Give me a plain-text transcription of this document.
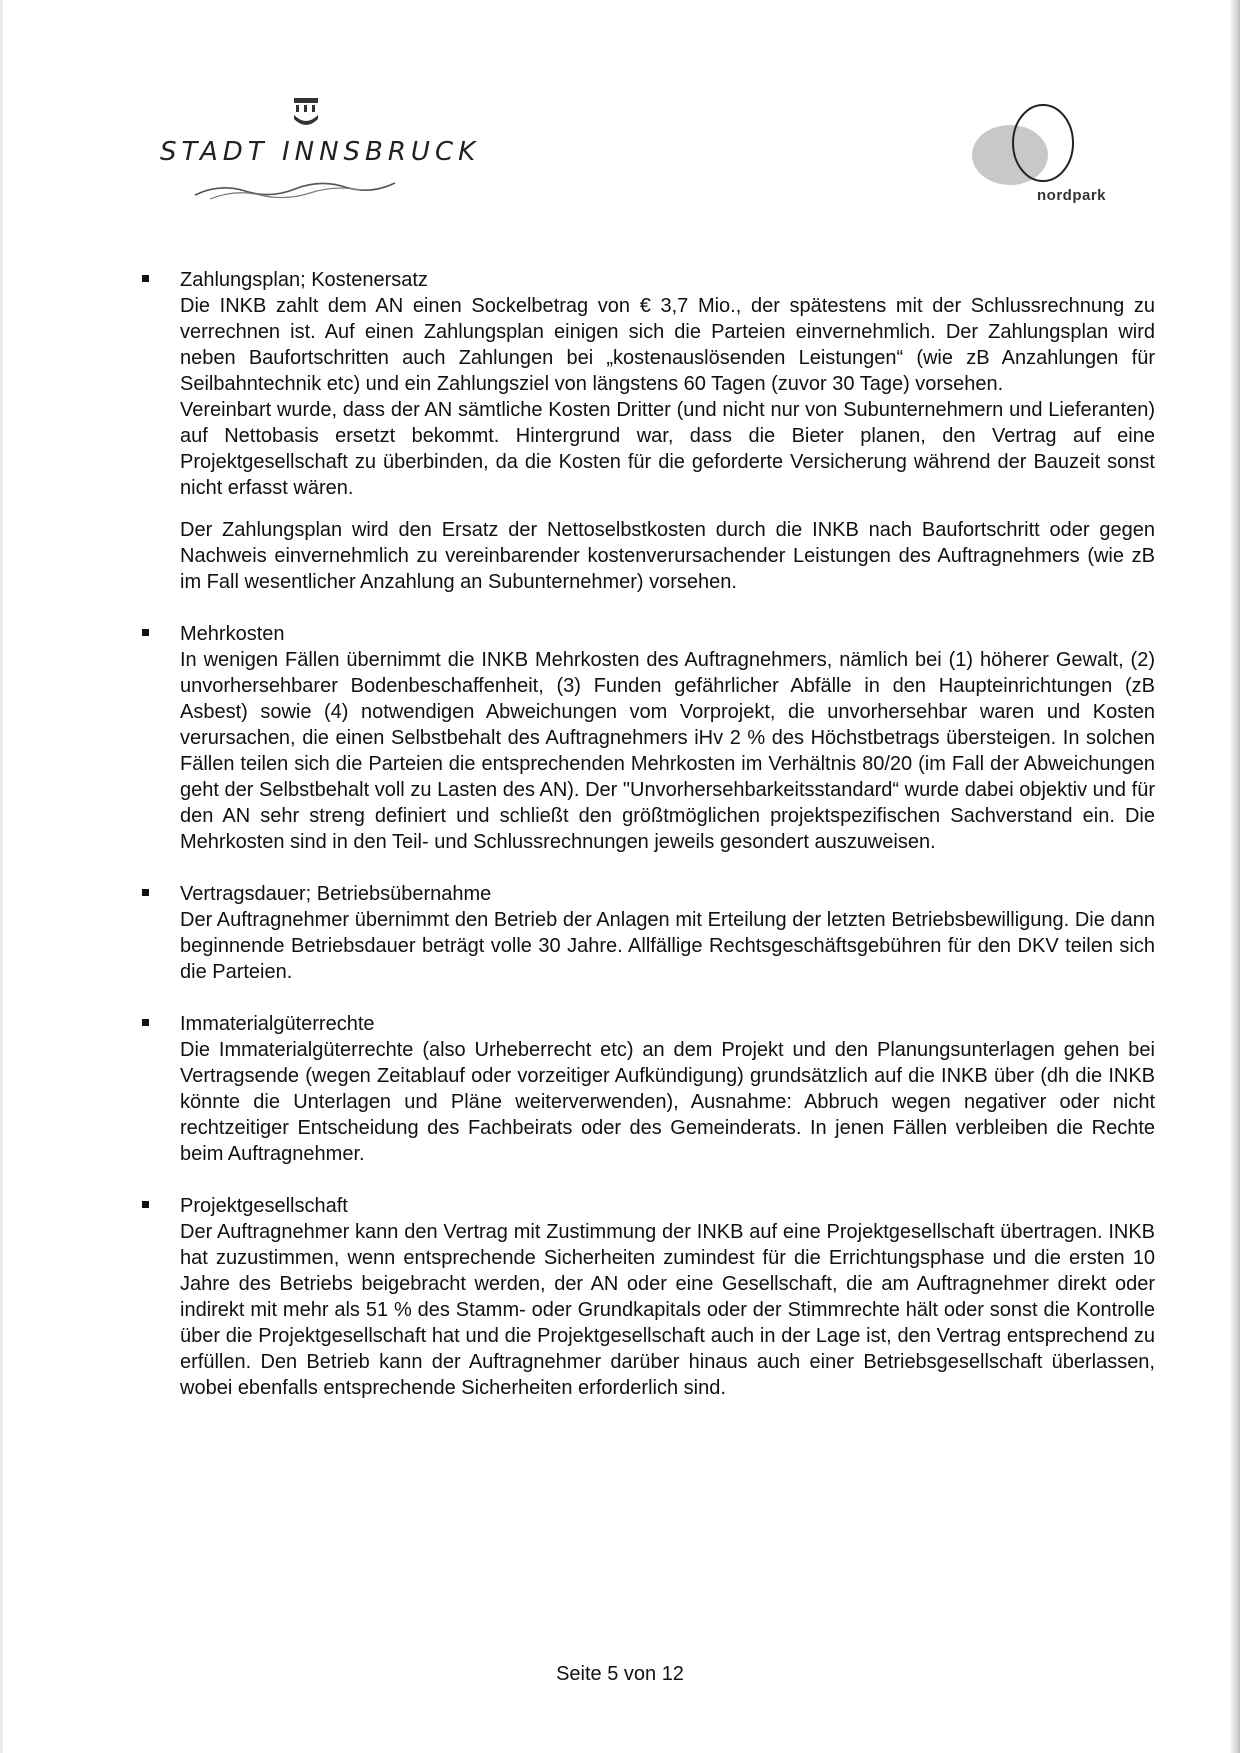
STADT INNSBRUCK
nordpark
Zahlungsplan; Kostenersatz
Die INKB zahlt dem AN einen Sockelbetrag von € 3,7 Mio., der spätestens mit der Schlussrechnung zu verrechnen ist. Auf einen Zahlungsplan einigen sich die Parteien einvernehmlich. Der Zahlungsplan wird neben Baufortschritten auch Zahlungen bei „kostenauslösenden Leistungen“ (wie zB Anzahlungen für Seilbahntechnik etc) und ein Zahlungsziel von längstens 60 Tagen (zuvor 30 Tage) vorsehen.
Vereinbart wurde, dass der AN sämtliche Kosten Dritter (und nicht nur von Subunternehmern und Lieferanten) auf Nettobasis ersetzt bekommt. Hintergrund war, dass die Bieter planen, den Vertrag auf eine Projektgesellschaft zu überbinden, da die Kosten für die geforderte Versicherung während der Bauzeit sonst nicht erfasst wären.
Der Zahlungsplan wird den Ersatz der Nettoselbstkosten durch die INKB nach Baufortschritt oder gegen Nachweis einvernehmlich zu vereinbarender kostenverursachender Leistungen des Auftragnehmers (wie zB im Fall wesentlicher Anzahlung an Subunternehmer) vorsehen.
Mehrkosten
In wenigen Fällen übernimmt die INKB Mehrkosten des Auftragnehmers, nämlich bei (1) höherer Gewalt, (2) unvorhersehbarer Bodenbeschaffenheit, (3) Funden gefährlicher Abfälle in den Haupteinrichtungen (zB Asbest) sowie (4) notwendigen Abweichungen vom Vorprojekt, die unvorhersehbar waren und Kosten verursachen, die einen Selbstbehalt des Auftragnehmers iHv 2 % des Höchstbetrags übersteigen. In solchen Fällen teilen sich die Parteien die entsprechenden Mehrkosten im Verhältnis 80/20 (im Fall der Abweichungen geht der Selbstbehalt voll zu Lasten des AN). Der "Unvorhersehbarkeitsstandard“ wurde dabei objektiv und für den AN sehr streng definiert und schließt den größtmöglichen projektspezifischen Sachverstand ein. Die Mehrkosten sind in den Teil- und Schlussrechnungen jeweils gesondert auszuweisen.
Vertragsdauer; Betriebsübernahme
Der Auftragnehmer übernimmt den Betrieb der Anlagen mit Erteilung der letzten Betriebsbewilligung. Die dann beginnende Betriebsdauer beträgt volle 30 Jahre. Allfällige Rechtsgeschäftsgebühren für den DKV teilen sich die Parteien.
Immaterialgüterrechte
Die Immaterialgüterrechte (also Urheberrecht etc) an dem Projekt und den Planungsunterlagen gehen bei Vertragsende (wegen Zeitablauf oder vorzeitiger Aufkündigung) grundsätzlich auf die INKB über (dh die INKB könnte die Unterlagen und Pläne weiterverwenden), Ausnahme: Abbruch wegen negativer oder nicht rechtzeitiger Entscheidung des Fachbeirats oder des Gemeinderats. In jenen Fällen verbleiben die Rechte beim Auftragnehmer.
Projektgesellschaft
Der Auftragnehmer kann den Vertrag mit Zustimmung der INKB auf eine Projektgesellschaft übertragen. INKB hat zuzustimmen, wenn entsprechende Sicherheiten zumindest für die Errichtungsphase und die ersten 10 Jahre des Betriebs beigebracht werden, der AN oder eine Gesellschaft, die am Auftragnehmer direkt oder indirekt mit mehr als 51 % des Stamm- oder Grundkapitals oder der Stimmrechte hält oder sonst die Kontrolle über die Projektgesellschaft hat und die Projektgesellschaft auch in der Lage ist, den Vertrag entsprechend zu erfüllen. Den Betrieb kann der Auftragnehmer darüber hinaus auch einer Betriebsgesellschaft überlassen, wobei ebenfalls entsprechende Sicherheiten erforderlich sind.
Seite 5 von 12
